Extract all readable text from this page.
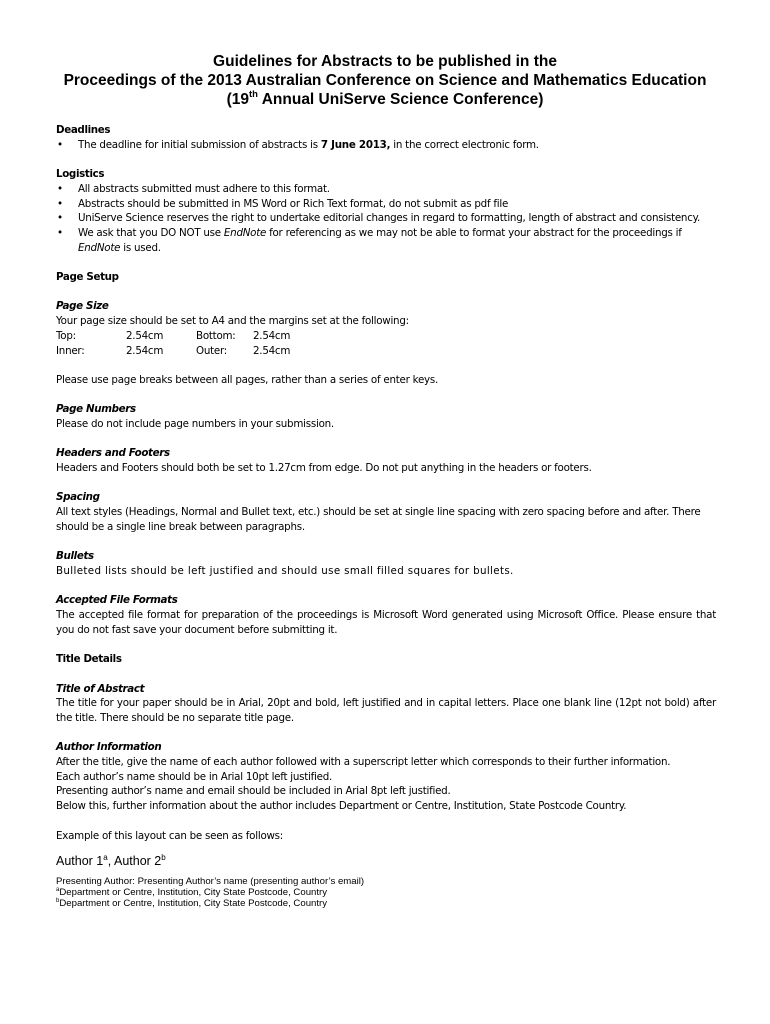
Guidelines for Abstracts to be published in the
Proceedings of the 2013 Australian Conference on Science and Mathematics Education
(19th Annual UniServe Science Conference)
Deadlines
• The deadline for initial submission of abstracts is 7 June 2013, in the correct electronic form.
Logistics
• All abstracts submitted must adhere to this format.
• Abstracts should be submitted in MS Word or Rich Text format, do not submit as pdf file
• UniServe Science reserves the right to undertake editorial changes in regard to formatting, length of abstract and consistency.
• We ask that you DO NOT use EndNote for referencing as we may not be able to format your abstract for the proceedings if EndNote is used.
Page Setup
Page Size
Your page size should be set to A4 and the margins set at the following:
Top:	2.54cm	Bottom:	2.54cm
Inner:	2.54cm	Outer:	2.54cm
Please use page breaks between all pages, rather than a series of enter keys.
Page Numbers
Please do not include page numbers in your submission.
Headers and Footers
Headers and Footers should both be set to 1.27cm from edge. Do not put anything in the headers or footers.
Spacing
All text styles (Headings, Normal and Bullet text, etc.) should be set at single line spacing with zero spacing before and after. There should be a single line break between paragraphs.
Bullets
Bulleted lists should be left justified and should use small filled squares for bullets.
Accepted File Formats
The accepted file format for preparation of the proceedings is Microsoft Word generated using Microsoft Office. Please ensure that you do not fast save your document before submitting it.
Title Details
Title of Abstract
The title for your paper should be in Arial, 20pt and bold, left justified and in capital letters. Place one blank line (12pt not bold) after the title. There should be no separate title page.
Author Information
After the title, give the name of each author followed with a superscript letter which corresponds to their further information.
Each author’s name should be in Arial 10pt left justified.
Presenting author’s name and email should be included in Arial 8pt left justified.
Below this, further information about the author includes Department or Centre, Institution, State Postcode Country.
Example of this layout can be seen as follows:
Author 1$^a$, Author 2$^b$
Presenting Author: Presenting Author’s name (presenting author’s email)
$^a$Department or Centre, Institution, City State Postcode, Country
$^b$Department or Centre, Institution, City State Postcode, Country
